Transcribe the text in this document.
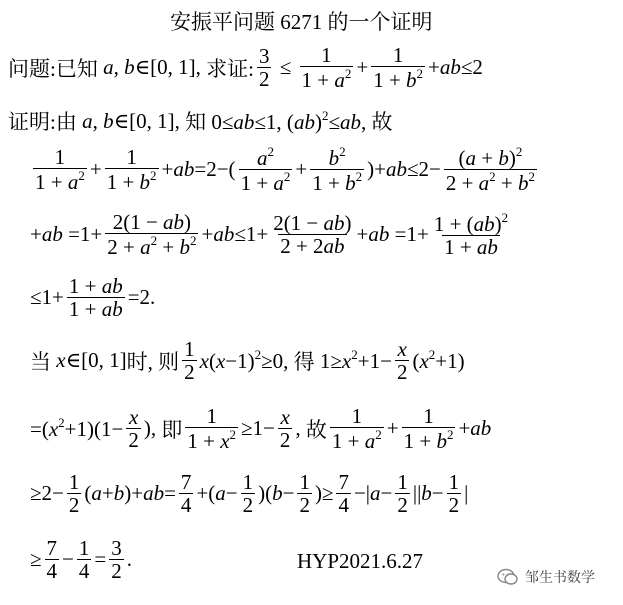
安振平问题 6271 的一个证明
问题:已知 a, b∈[0, 1], 求证: $\frac{3}{2} \le \frac{1}{1 + a^2} + \frac{1}{1 + b^2} +ab\le 2$
证明:由 a, b∈[0, 1], 知 0≤ab≤1, (ab)$^2$≤ab, 故
$\frac{1}{1 + a^2} + \frac{1}{1 + b^2} +ab=2-( \frac{a^2}{1 + a^2} + \frac{b^2}{1 + b^2} )+ab\le 2- \frac{(a + b)^2}{2 + a^2 + b^2}$
$+ab =1+ \frac{2(1 - ab)}{2 + a^2 + b^2} +ab\le 1+ \frac{2(1 - ab)}{2 + 2ab} +ab =1+ \frac{1 + (ab)^2}{1 + ab}$
$\le 1+ \frac{1 + ab}{1 + ab} =2$.
当 x∈[0, 1] 时, 则 $\frac{1}{2} x(x-1)^2\ge 0$, 得 $1\ge x^2+1- \frac{x}{2} (x^2+1)$
$=(x^2+1)(1- \frac{x}{2}$ ), 即 $\frac{1}{1 + x^2} \ge 1- \frac{x}{2}$ , 故 $\frac{1}{1 + a^2} + \frac{1}{1 + b^2} +ab$
$\ge 2- \frac{1}{2} (a+b)+ab= \frac{7}{4} +(a- \frac{1}{2} )(b- \frac{1}{2}$ )≥ $\frac{7}{4} -|a- \frac{1}{2} ||b- \frac{1}{2}$ |
≥ $\frac{7}{4} - \frac{1}{4} = \frac{3}{2}$ .	HYP2021.6.27
邹生书数学
